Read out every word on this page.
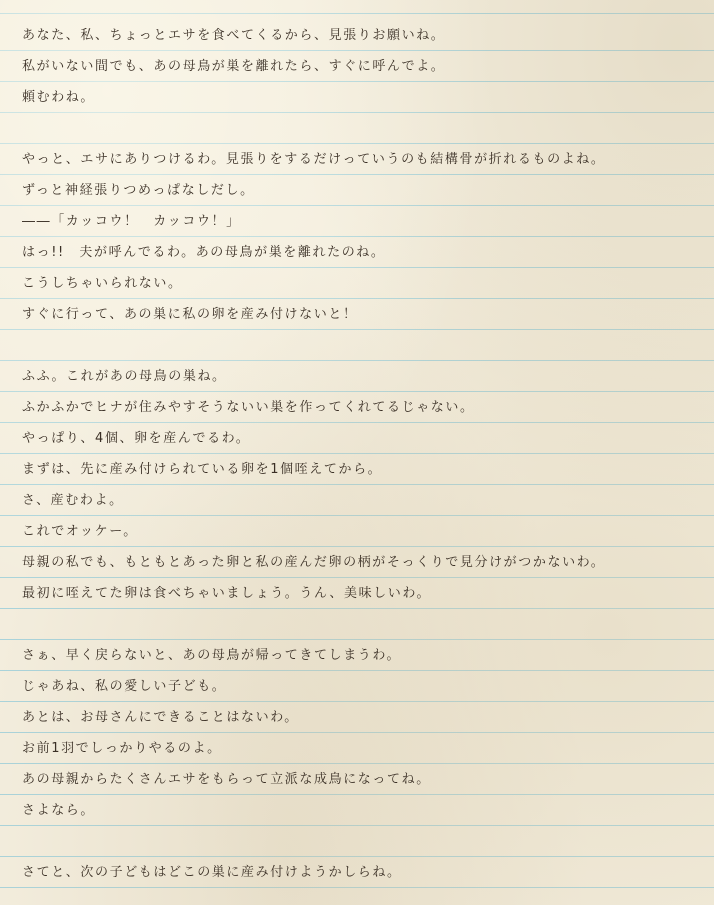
あなた、私、ちょっとエサを食べてくるから、見張りお願いね。
私がいない間でも、あの母鳥が巣を離れたら、すぐに呼んでよ。
頼むわね。
やっと、エサにありつけるわ。見張りをするだけっていうのも結構骨が折れるものよね。
ずっと神経張りつめっぱなしだし。
――「カッコウ！　カッコウ！」
はっ!!　夫が呼んでるわ。あの母鳥が巣を離れたのね。
こうしちゃいられない。
すぐに行って、あの巣に私の卵を産み付けないと！
ふふ。これがあの母鳥の巣ね。
ふかふかでヒナが住みやすそうないい巣を作ってくれてるじゃない。
やっぱり、4個、卵を産んでるわ。
まずは、先に産み付けられている卵を1個咥えてから。
さ、産むわよ。
これでオッケー。
母親の私でも、もともとあった卵と私の産んだ卵の柄がそっくりで見分けがつかないわ。
最初に咥えてた卵は食べちゃいましょう。うん、美味しいわ。
さぁ、早く戻らないと、あの母鳥が帰ってきてしまうわ。
じゃあね、私の愛しい子ども。
あとは、お母さんにできることはないわ。
お前1羽でしっかりやるのよ。
あの母親からたくさんエサをもらって立派な成鳥になってね。
さよなら。
さてと、次の子どもはどこの巣に産み付けようかしらね。
